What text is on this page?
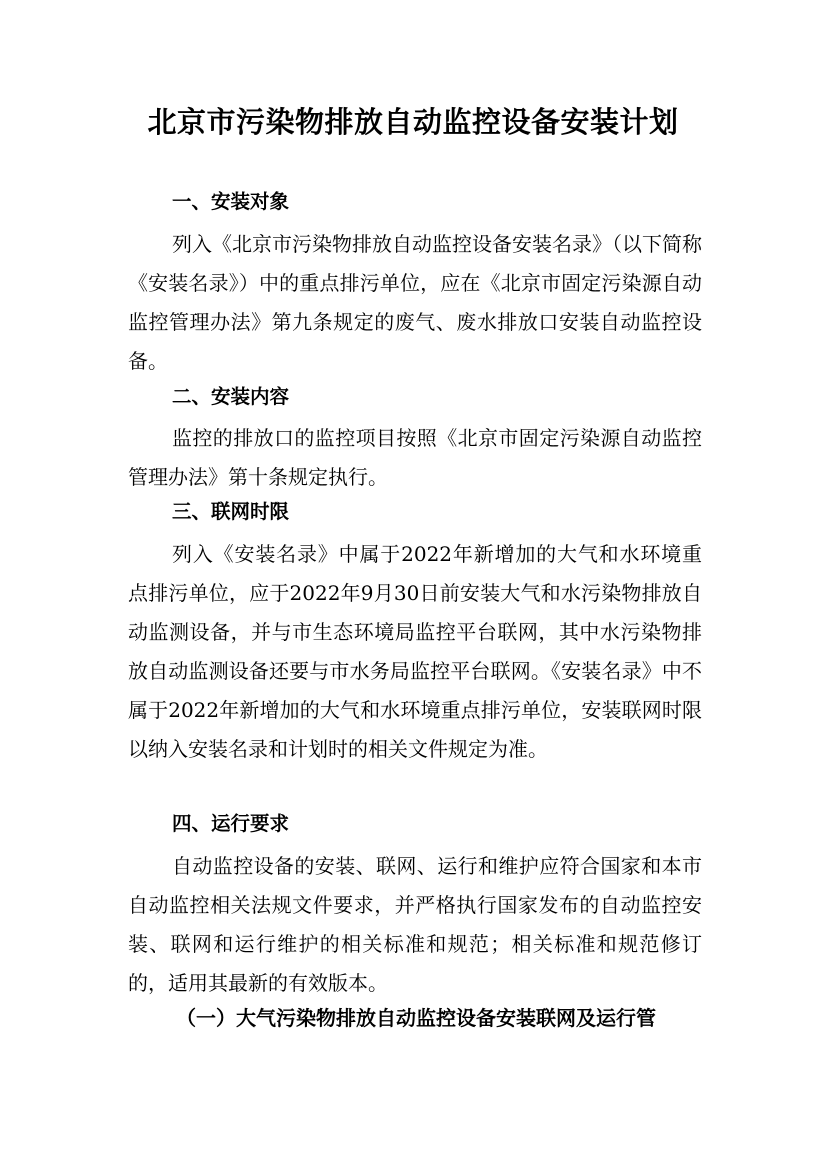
北京市污染物排放自动监控设备安装计划
一、安装对象

列入《北京市污染物排放自动监控设备安装名录》（以下简称《安装名录》）中的重点排污单位，应在《北京市固定污染源自动监控管理办法》第九条规定的废气、废水排放口安装自动监控设备。

二、安装内容

监控的排放口的监控项目按照《北京市固定污染源自动监控管理办法》第十条规定执行。

三、联网时限

列入《安装名录》中属于2022年新增加的大气和水环境重点排污单位，应于2022年9月30日前安装大气和水污染物排放自动监测设备，并与市生态环境局监控平台联网，其中水污染物排放自动监测设备还要与市水务局监控平台联网。《安装名录》中不属于2022年新增加的大气和水环境重点排污单位，安装联网时限以纳入安装名录和计划时的相关文件规定为准。

四、运行要求

自动监控设备的安装、联网、运行和维护应符合国家和本市自动监控相关法规文件要求，并严格执行国家发布的自动监控安装、联网和运行维护的相关标准和规范；相关标准和规范修订的，适用其最新的有效版本。

（一）大气污染物排放自动监控设备安装联网及运行管
